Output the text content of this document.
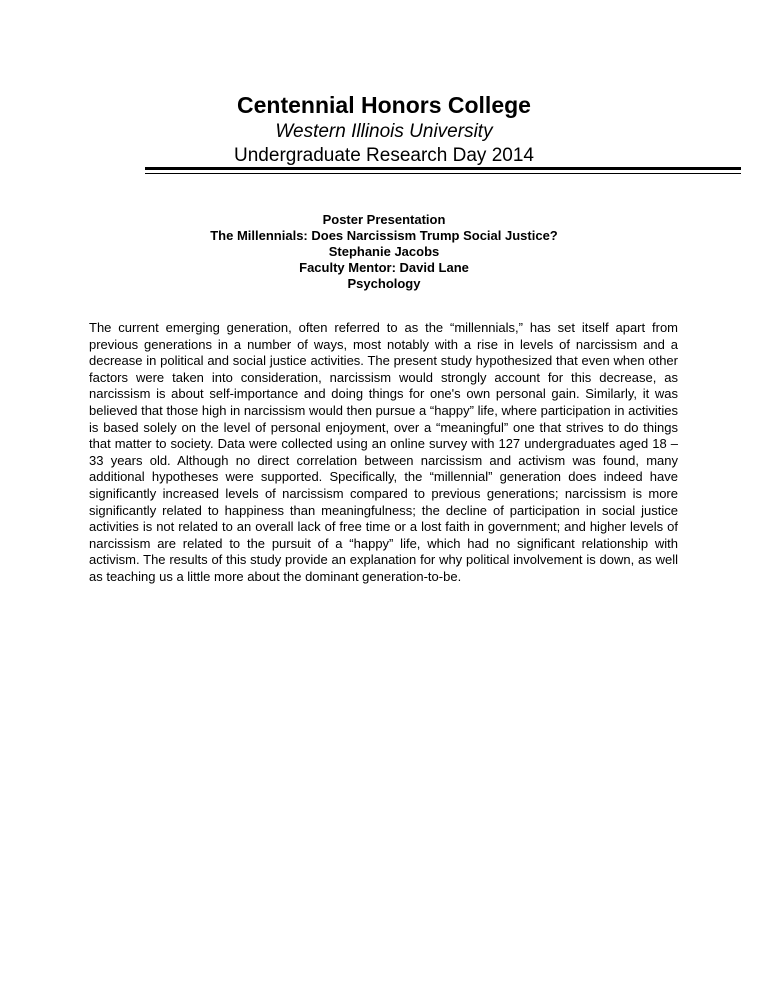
Centennial Honors College
Western Illinois University
Undergraduate Research Day 2014
Poster Presentation
The Millennials: Does Narcissism Trump Social Justice?
Stephanie Jacobs
Faculty Mentor: David Lane
Psychology

The current emerging generation, often referred to as the “millennials,” has set itself apart from previous generations in a number of ways, most notably with a rise in levels of narcissism and a decrease in political and social justice activities. The present study hypothesized that even when other factors were taken into consideration, narcissism would strongly account for this decrease, as narcissism is about self-importance and doing things for one's own personal gain. Similarly, it was believed that those high in narcissism would then pursue a “happy” life, where participation in activities is based solely on the level of personal enjoyment, over a “meaningful” one that strives to do things that matter to society. Data were collected using an online survey with 127 undergraduates aged 18 – 33 years old. Although no direct correlation between narcissism and activism was found, many additional hypotheses were supported. Specifically, the “millennial” generation does indeed have significantly increased levels of narcissism compared to previous generations; narcissism is more significantly related to happiness than meaningfulness; the decline of participation in social justice activities is not related to an overall lack of free time or a lost faith in government; and higher levels of narcissism are related to the pursuit of a “happy” life, which had no significant relationship with activism. The results of this study provide an explanation for why political involvement is down, as well as teaching us a little more about the dominant generation-to-be.
